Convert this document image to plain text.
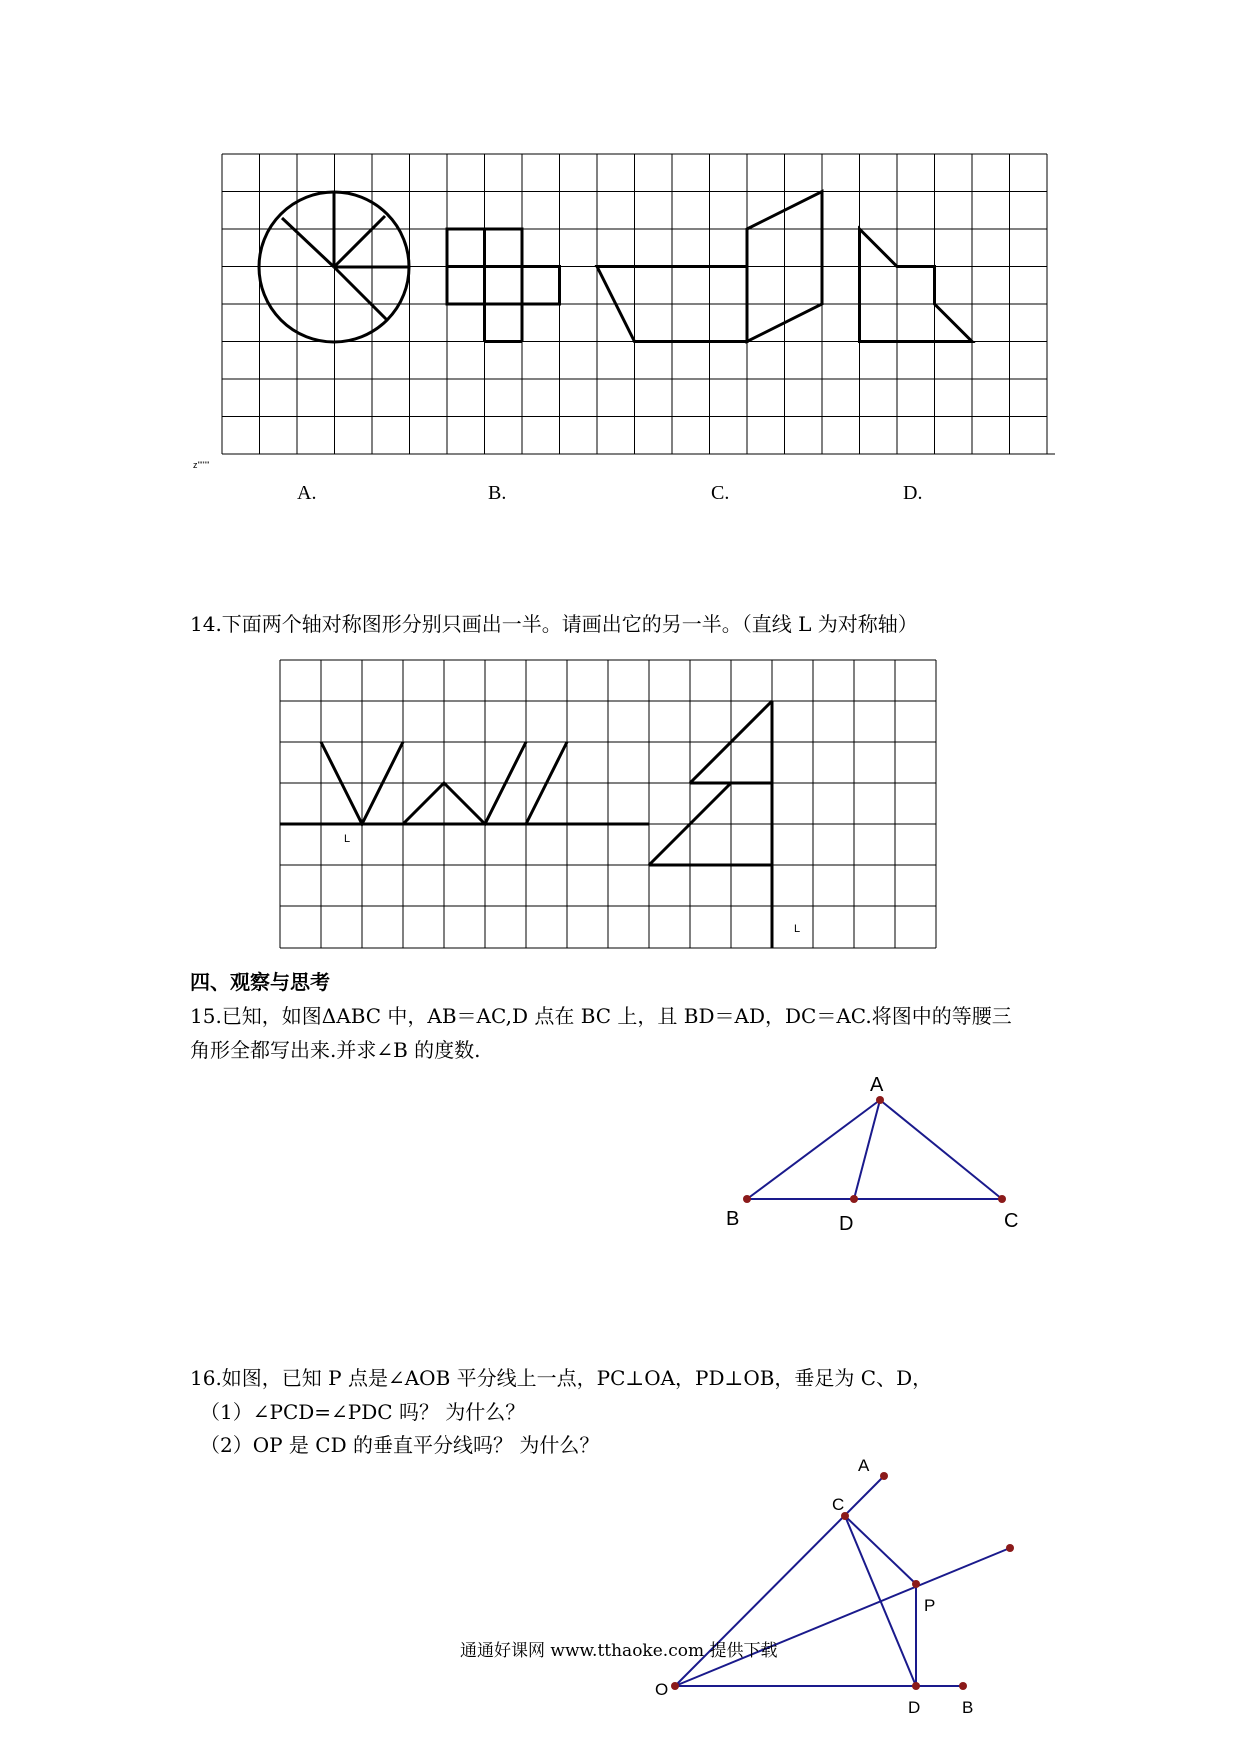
z'''''''
A.	B.	C.	D.
14.下面两个轴对称图形分别只画出一半。请画出它的另一半。（直线 L 为对称轴）
L
L
四、观察与思考
15.已知，如图ΔABC 中，AB＝AC,D 点在 BC 上，且 BD＝AD，DC＝AC.将图中的等腰三
角形全都写出来.并求∠B 的度数.
A
B	D	C
16.如图，已知 P 点是∠AOB 平分线上一点，PC⊥OA，PD⊥OB，垂足为 C、D，
（1）∠PCD=∠PDC 吗？ 为什么？
（2）OP 是 CD 的垂直平分线吗？ 为什么？
A
C
P
D B
O
通通好课网 www.tthaoke.com 提供下载
